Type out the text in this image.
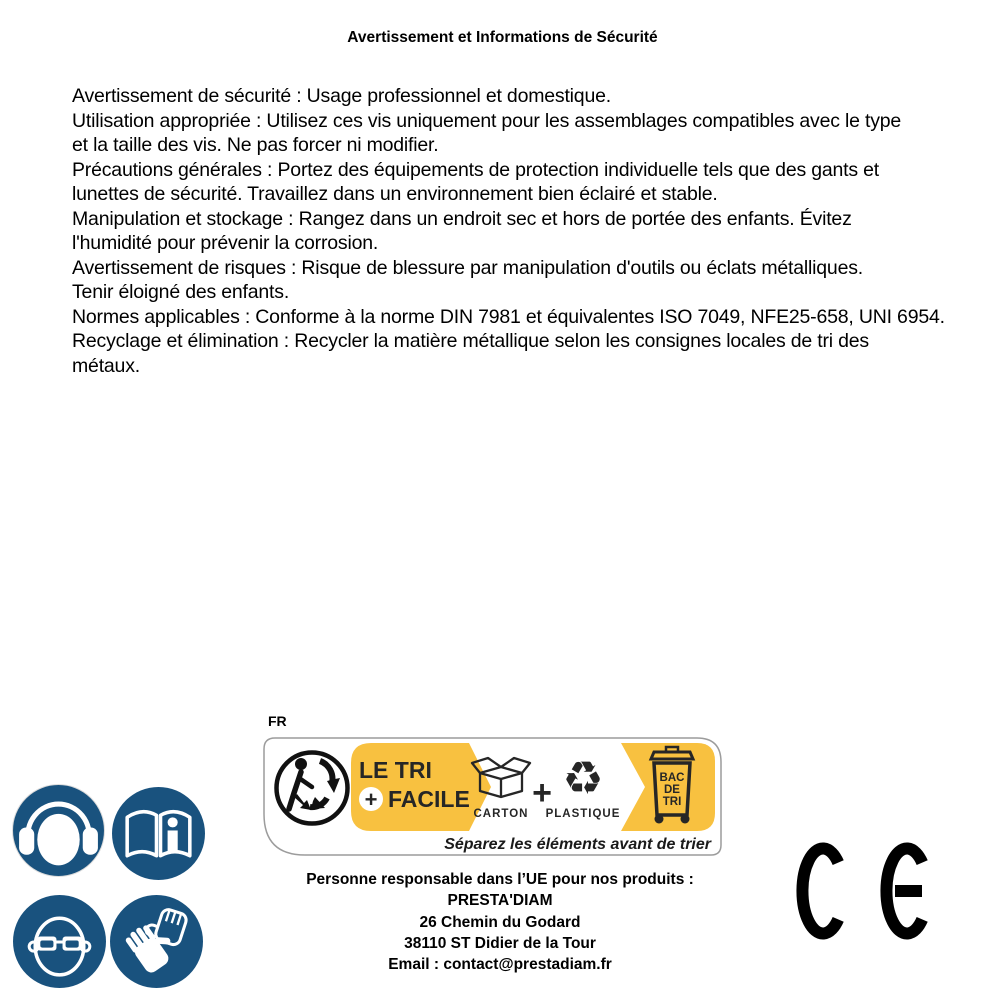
Avertissement et Informations de Sécurité
Avertissement de sécurité : Usage professionnel et domestique.
Utilisation appropriée : Utilisez ces vis uniquement pour les assemblages compatibles avec le type
et la taille des vis. Ne pas forcer ni modifier.
Précautions générales : Portez des équipements de protection individuelle tels que des gants et
lunettes de sécurité. Travaillez dans un environnement bien éclairé et stable.
Manipulation et stockage : Rangez dans un endroit sec et hors de portée des enfants. Évitez
l'humidité pour prévenir la corrosion.
Avertissement de risques : Risque de blessure par manipulation d'outils ou éclats métalliques.
Tenir éloigné des enfants.
Normes applicables : Conforme à la norme DIN 7981 et équivalentes ISO 7049, NFE25-658, UNI 6954.
Recyclage et élimination : Recycler la matière métallique selon les consignes locales de tri des
métaux.
FR
LE TRI
+ FACILE
CARTON
+ ♻
PLASTIQUE
BAC
DE
TRI
Séparez les éléments avant de trier
Personne responsable dans l’UE pour nos produits :
PRESTA'DIAM
26 Chemin du Godard
38110 ST Didier de la Tour
Email : contact@prestadiam.fr
